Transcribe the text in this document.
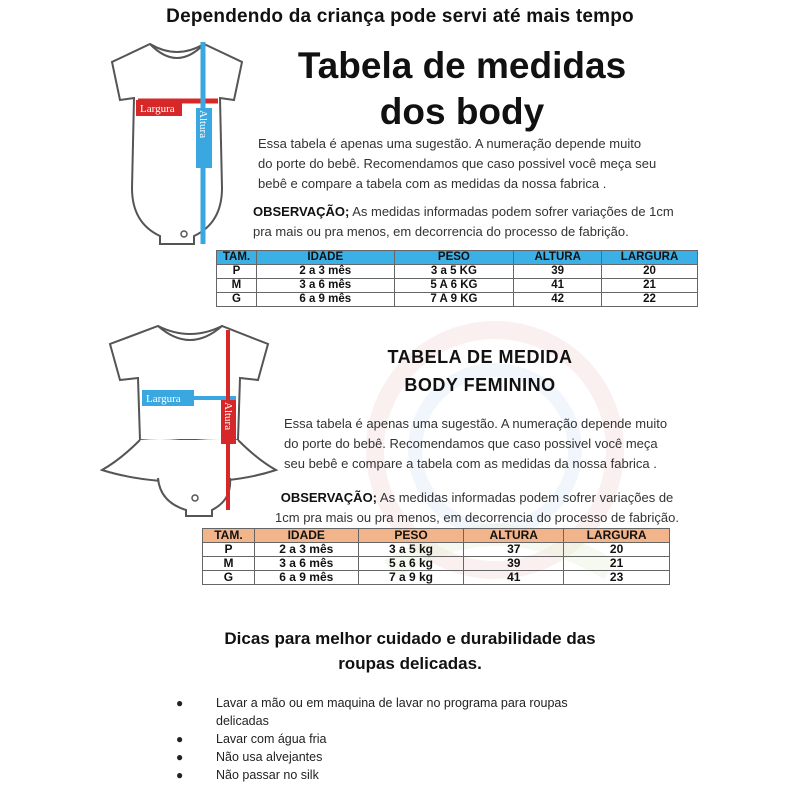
Dependendo da criança pode servi até mais tempo
Largura
Altura
Tabela de medidas
dos body
Essa tabela é apenas uma sugestão. A numeração depende muito
do porte do bebê. Recomendamos que caso possivel você meça seu
bebê e compare a tabela com as medidas da nossa fabrica .
OBSERVAÇÃO; As medidas informadas podem sofrer variações de 1cm
pra mais ou pra menos, em decorrencia do processo de fabrição.
TAM.	IDADE	PESO	ALTURA	LARGURA
P	2 a 3 mês	3 a 5 KG	39	20
M	3 a 6 mês	5 A 6 KG	41	21
G	6 a 9 mês	7 A 9 KG	42	22
Largura
Altura
TABELA DE MEDIDA
BODY FEMININO
Essa tabela é apenas uma sugestão. A numeração depende muito
do porte do bebê. Recomendamos que caso possivel você meça
seu bebê e compare a tabela com as medidas da nossa fabrica .
OBSERVAÇÃO; As medidas informadas podem sofrer variações de
1cm pra mais ou pra menos, em decorrencia do processo de fabrição.
TAM.	IDADE	PESO	ALTURA	LARGURA
P	2 a 3 mês	3 a 5 kg	37	20
M	3 a 6 mês	5 a 6 kg	39	21
G	6 a 9 mês	7 a 9 kg	41	23
Dicas para melhor cuidado e durabilidade das
roupas delicadas.
●	Lavar a mão ou em maquina de lavar no programa para roupas
delicadas
●	Lavar com água fria
●	Não usa alvejantes
●	Não passar no silk
